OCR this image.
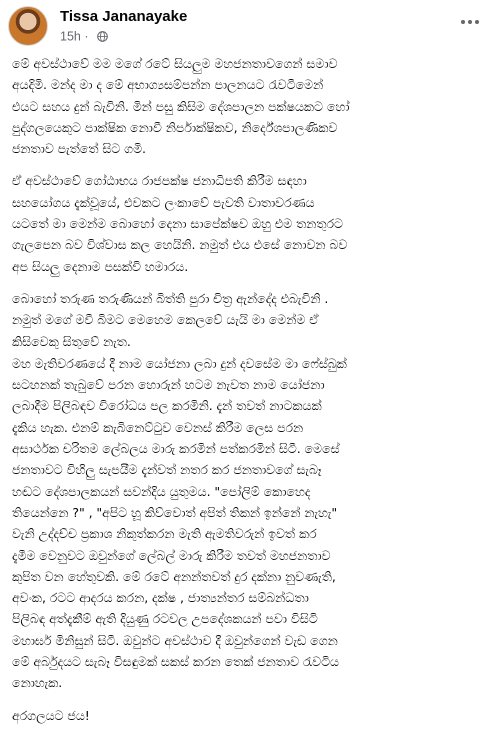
Tissa Jananayake
15h ·

මේ අවස්ථාවේ මම මගේ රටේ සියලුම මහජනතාවගෙන් සමාව
අයදිමි. මන්ද මා ද මේ අභාග්‍යසම්පන්න පාලනයට රැවටීමෙන්
එයට සහය දුන් බැවිනි. මින් පසු කිසිම දේශපාලන පක්ෂයකට හෝ
පුද්ගලයෙකුට පාක්ෂික නොවී නිර්පාක්ෂිකව, නිර්දේශපාලණිකව
ජනතාව පැත්තේ සිට ගමි.

ඒ අවස්ථාවේ ගෝඨාභය රාජපක්ෂ ජනාධිපති කිරීම සඳහා
සහයෝගය දැක්වූයේ, එවකට ලංකාවේ පැවති වාතාවරණය
යටතේ මා මෙන්ම බොහෝ දෙනා සාපේක්ෂව ඔහු එම තනතුරට
ගැලපෙන බව විශ්වාස කල හෙයිනි. නමුත් එය එසේ නොවන බව
අප සියලු දෙනාම පසක්වි හමාරය.

බොහෝ තරුණ තරුණියන් බිත්ති පුරා චිත්‍ර ඇන්දේද එබැවිනි .
නමුත් මගේ මවී බිමට මෙහෙම කෙලවේ යැයි මා මෙන්ම ඒ
කිසිවෙකු සිතුවේ නැත.

මහ මැතිවරණයේ දී නාම යෝජනා ලබා දුන් දවසේම මා ෆේස්බුක්
සටහනක් තැබුවේ පරන හොරුන් හටම නැවත නාම යෝජනා
ලබාදීම පිලිබඳව විරෝධය පල කරමිනි. දැන් තවත් නාටකයක්
දැකිය හැක. එනම් කැබිනෙට්ටුව වෙනස් කිරීම ලෙස පරන
අසාර්ථක චරිතම ලේබලය මාරු කරමින් පත්කරමින් සිටී. මෙසේ
ජනතාවට විහිලු සැපයීම දැන්වත් නතර කර ජනතාවගේ සැබෑ
හඬට දේශපාලකයන් සවන්දිය යුතුමය. "පෝලිම් කොහෙද
තියෙන්නෙ ?" , "අපිට හූ කිව්වොත් අපිත් තිකන් ඉන්නේ නැහැ"
වැනි උද්දච්ච ප්‍රකාශ නිකුත්කරන මැති ඇමතිවරුන් ඉවත් කර
දැමීම වෙනුවට ඔවුන්ගේ ලේබල් මාරු කිරීම තවත් මහජනතාව
කුපිත වන හේතුවකි. මේ රටේ අනන්තවත් දුර දක්නා නුවණැති,
අවංක, රටට ආදරය කරන, දක්ෂ , ජාත්‍යන්තර සම්බන්ධතා
පිලිබඳ අත්දැකීම් ඇති දියුණු රටවල උපදේශකයන් පවා විසිටි
මහාර්ඝ මිනිසුන් සිටී. ඔවුන්ට අවස්ථාව දී ඔවුන්ගෙන් වැඩ ගෙන
මේ අර්බුදයට සැබෑ විසඳුමක් සකස් කරන තෙක් ජනතාව රැවටිය
නොහැක.

අරගලයට ජය!
